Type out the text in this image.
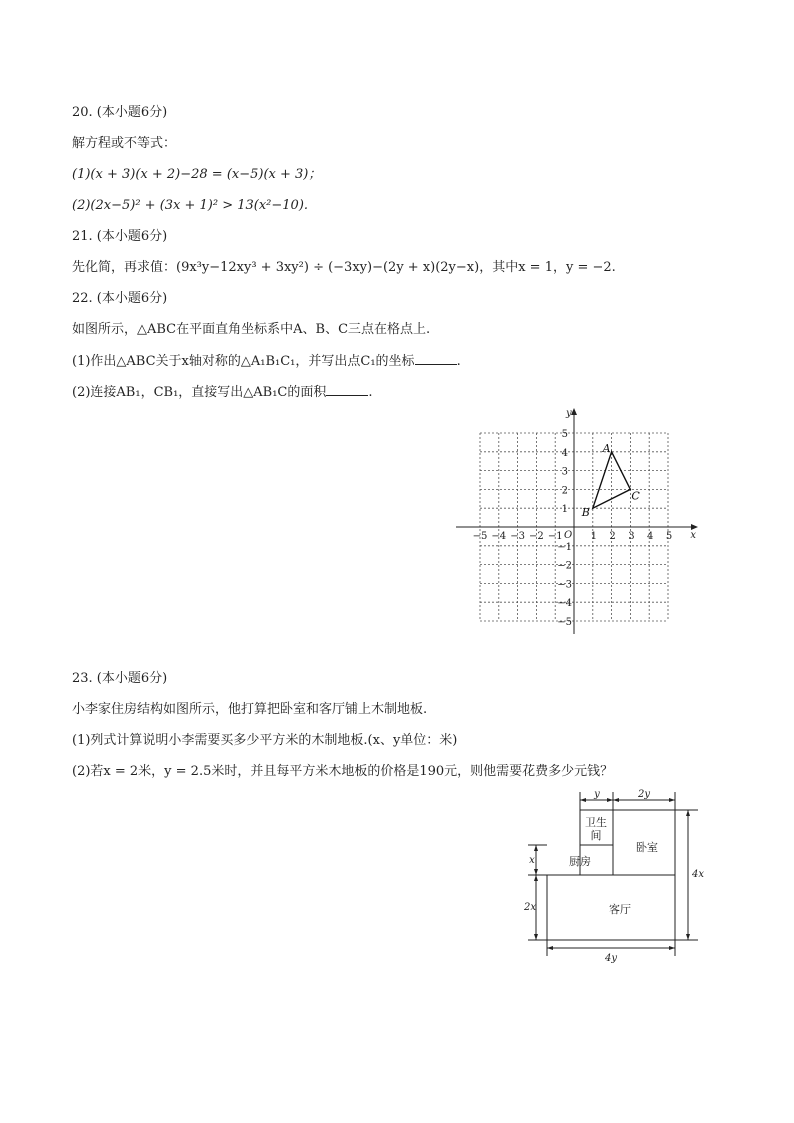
20. (本小题6分)
解方程或不等式：
(1)(x + 3)(x + 2)−28 = (x−5)(x + 3)；
(2)(2x−5)² + (3x + 1)² > 13(x²−10).
21. (本小题6分)
先化简，再求值：(9x³y−12xy³ + 3xy²) ÷ (−3xy)−(2y + x)(2y−x)，其中x = 1，y = −2.
22. (本小题6分)
如图所示，△ABC在平面直角坐标系中A、B、C三点在格点上.
(1)作出△ABC关于x轴对称的△A₁B₁C₁，并写出点C₁的坐标	.
(2)连接AB₁，CB₁，直接写出△AB₁C的面积	.
1 2 3 4 5
−5 −4 −3 −2 −1
1
2
3
4
5
−1
−2
−3
−4
−5
O	x
y
A
B
C
23. (本小题6分)
小李家住房结构如图所示，他打算把卧室和客厅铺上木制地板.
(1)列式计算说明小李需要买多少平方米的木制地板.(x、y单位：米)
(2)若x = 2米，y = 2.5米时，并且每平方米木地板的价格是190元，则他需要花费多少元钱？
卫生
间
厨房
卧室
客厅
y	2y
x
2x
4x
4y
